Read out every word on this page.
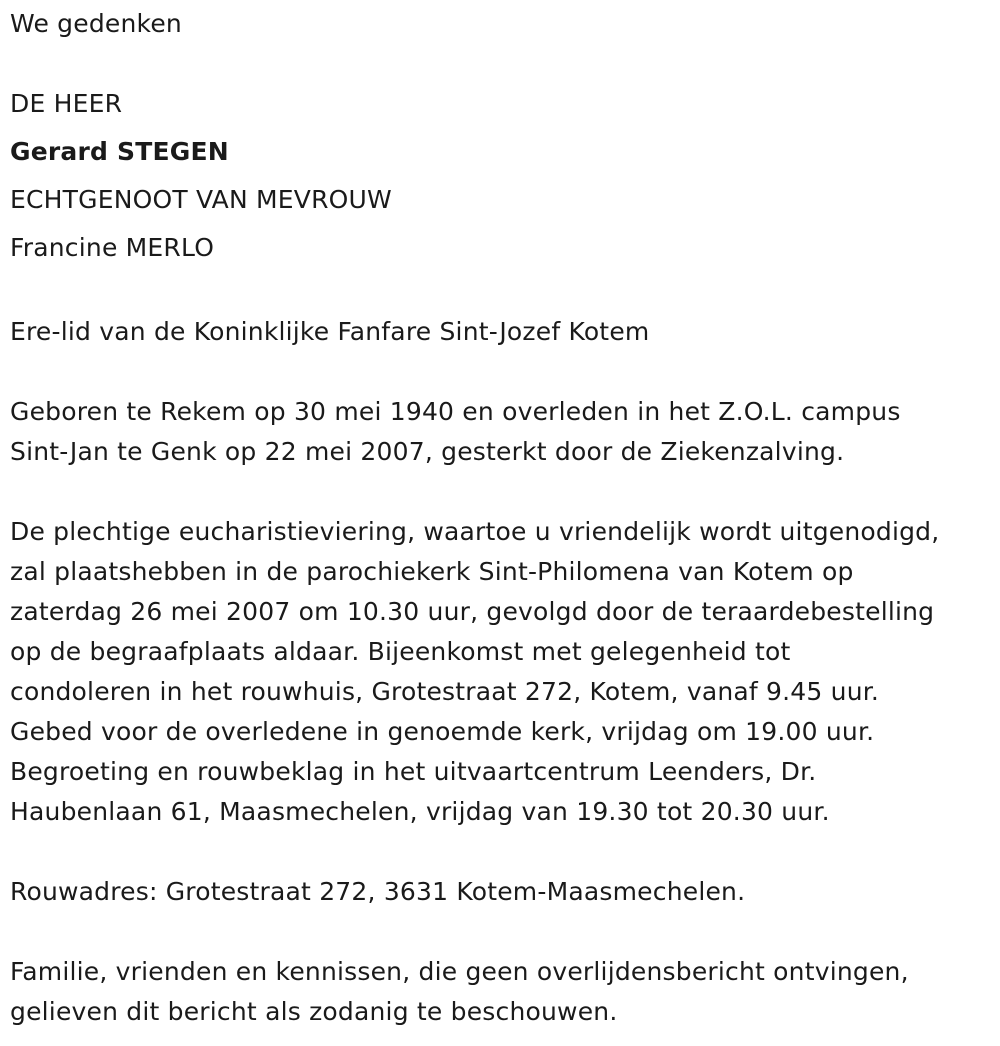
We gedenken
DE HEER
Gerard STEGEN
ECHTGENOOT VAN MEVROUW
Francine MERLO
Ere-lid van de Koninklijke Fanfare Sint-Jozef Kotem
Geboren te Rekem op 30 mei 1940 en overleden in het Z.O.L. campus
Sint-Jan te Genk op 22 mei 2007, gesterkt door de Ziekenzalving.
De plechtige eucharistieviering, waartoe u vriendelijk wordt uitgenodigd,
zal plaatshebben in de parochiekerk Sint-Philomena van Kotem op
zaterdag 26 mei 2007 om 10.30 uur, gevolgd door de teraardebestelling
op de begraafplaats aldaar. Bijeenkomst met gelegenheid tot
condoleren in het rouwhuis, Grotestraat 272, Kotem, vanaf 9.45 uur.
Gebed voor de overledene in genoemde kerk, vrijdag om 19.00 uur.
Begroeting en rouwbeklag in het uitvaartcentrum Leenders, Dr.
Haubenlaan 61, Maasmechelen, vrijdag van 19.30 tot 20.30 uur.
Rouwadres: Grotestraat 272, 3631 Kotem-Maasmechelen.
Familie, vrienden en kennissen, die geen overlijdensbericht ontvingen,
gelieven dit bericht als zodanig te beschouwen.
